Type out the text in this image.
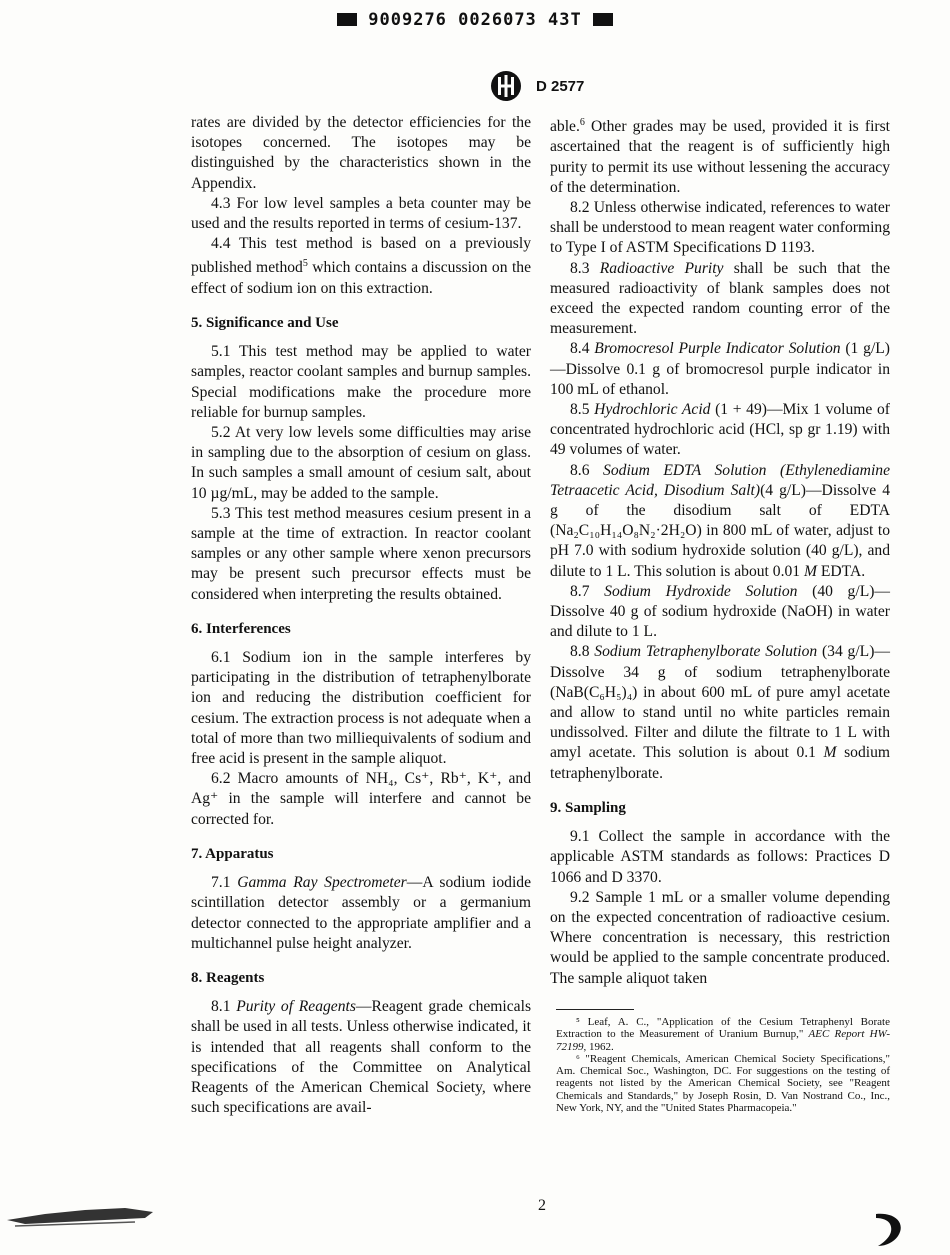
9009276 0026073 43T
D 2577

rates are divided by the detector efficiencies for the isotopes concerned. The isotopes may be distinguished by the characteristics shown in the Appendix.

4.3 For low level samples a beta counter may be used and the results reported in terms of cesium-137.

4.4 This test method is based on a previously published method$^5$ which contains a discussion on the effect of sodium ion on this extraction.

5. Significance and Use

5.1 This test method may be applied to water samples, reactor coolant samples and burnup samples. Special modifications make the procedure more reliable for burnup samples.

5.2 At very low levels some difficulties may arise in sampling due to the absorption of cesium on glass. In such samples a small amount of cesium salt, about 10 µg/mL, may be added to the sample.

5.3 This test method measures cesium present in a sample at the time of extraction. In reactor coolant samples or any other sample where xenon precursors may be present such precursor effects must be considered when interpreting the results obtained.

6. Interferences

6.1 Sodium ion in the sample interferes by participating in the distribution of tetraphenylborate ion and reducing the distribution coefficient for cesium. The extraction process is not adequate when a total of more than two milliequivalents of sodium and free acid is present in the sample aliquot.

6.2 Macro amounts of NH₄, Cs⁺, Rb⁺, K⁺, and Ag⁺ in the sample will interfere and cannot be corrected for.

7. Apparatus

7.1 Gamma Ray Spectrometer—A sodium iodide scintillation detector assembly or a germanium detector connected to the appropriate amplifier and a multichannel pulse height analyzer.

8. Reagents

8.1 Purity of Reagents—Reagent grade chemicals shall be used in all tests. Unless otherwise indicated, it is intended that all reagents shall conform to the specifications of the Committee on Analytical Reagents of the American Chemical Society, where such specifications are avail-

able.$^6$ Other grades may be used, provided it is first ascertained that the reagent is of sufficiently high purity to permit its use without lessening the accuracy of the determination.

8.2 Unless otherwise indicated, references to water shall be understood to mean reagent water conforming to Type I of ASTM Specifications D 1193.

8.3 Radioactive Purity shall be such that the measured radioactivity of blank samples does not exceed the expected random counting error of the measurement.

8.4 Bromocresol Purple Indicator Solution (1 g/L)—Dissolve 0.1 g of bromocresol purple indicator in 100 mL of ethanol.

8.5 Hydrochloric Acid (1 + 49)—Mix 1 volume of concentrated hydrochloric acid (HCl, sp gr 1.19) with 49 volumes of water.

8.6 Sodium EDTA Solution (Ethylenediamine Tetraacetic Acid, Disodium Salt)(4 g/L)—Dissolve 4 g of the disodium salt of EDTA (Na₂C₁₀H₁₄O₈N₂·2H₂O) in 800 mL of water, adjust to pH 7.0 with sodium hydroxide solution (40 g/L), and dilute to 1 L. This solution is about 0.01 M EDTA.

8.7 Sodium Hydroxide Solution (40 g/L)—Dissolve 40 g of sodium hydroxide (NaOH) in water and dilute to 1 L.

8.8 Sodium Tetraphenylborate Solution (34 g/L)—Dissolve 34 g of sodium tetraphenylborate (NaB(C₆H₅)₄) in about 600 mL of pure amyl acetate and allow to stand until no white particles remain undissolved. Filter and dilute the filtrate to 1 L with amyl acetate. This solution is about 0.1 M sodium tetraphenylborate.

9. Sampling

9.1 Collect the sample in accordance with the applicable ASTM standards as follows: Practices D 1066 and D 3370.

9.2 Sample 1 mL or a smaller volume depending on the expected concentration of radioactive cesium. Where concentration is necessary, this restriction would be applied to the sample concentrate produced. The sample aliquot taken

⁵ Leaf, A. C., "Application of the Cesium Tetraphenyl Borate Extraction to the Measurement of Uranium Burnup," AEC Report HW-72199, 1962.

⁶ "Reagent Chemicals, American Chemical Society Specifications," Am. Chemical Soc., Washington, DC. For suggestions on the testing of reagents not listed by the American Chemical Society, see "Reagent Chemicals and Standards," by Joseph Rosin, D. Van Nostrand Co., Inc., New York, NY, and the "United States Pharmacopeia."

2
